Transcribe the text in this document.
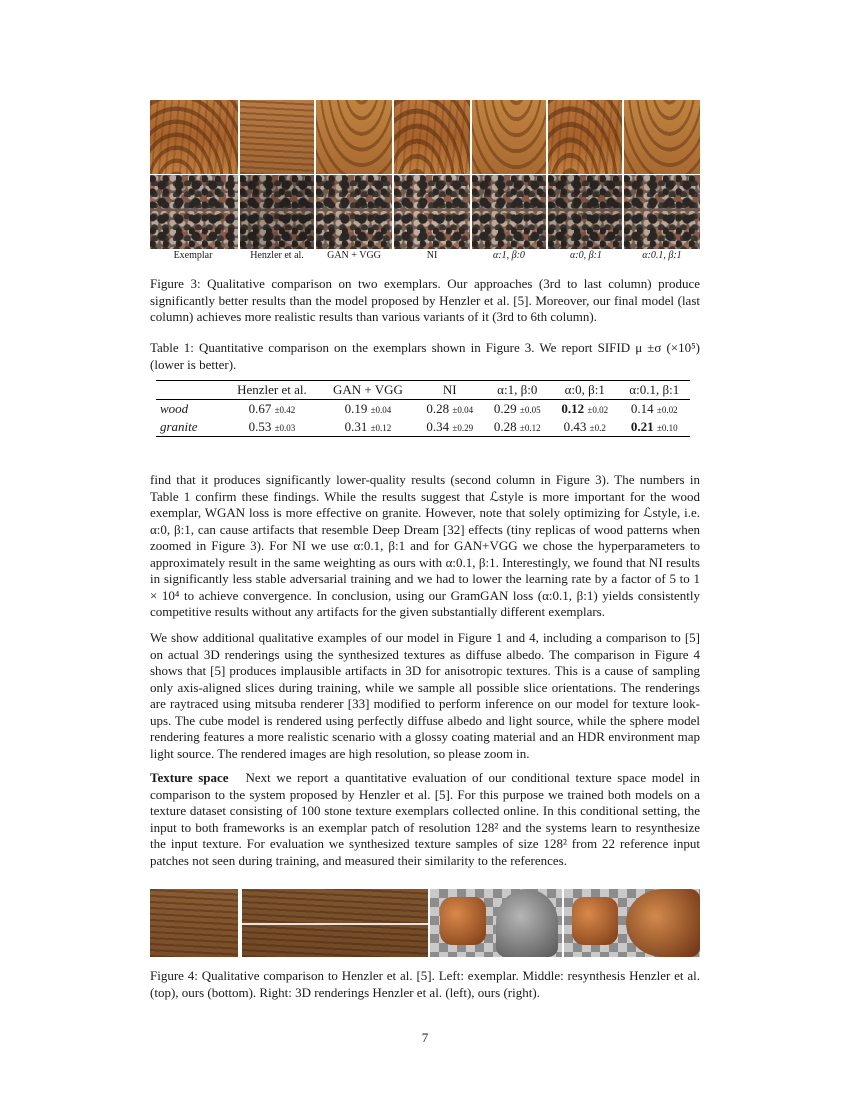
Exemplar	Henzler et al.	GAN + VGG	NI	α:1, β:0	α:0, β:1	α:0.1, β:1
Figure 3: Qualitative comparison on two exemplars. Our approaches (3rd to last column) produce significantly better results than the model proposed by Henzler et al. [5]. Moreover, our final model (last column) achieves more realistic results than various variants of it (3rd to 6th column).
Table 1: Quantitative comparison on the exemplars shown in Figure 3. We report SIFID μ ±σ (×10⁵) (lower is better).
	Henzler et al.	GAN + VGG	NI	α:1, β:0	α:0, β:1	α:0.1, β:1
wood	0.67 ±0.42	0.19 ±0.04	0.28 ±0.04	0.29 ±0.05	0.12 ±0.02	0.14 ±0.02
granite	0.53 ±0.03	0.31 ±0.12	0.34 ±0.29	0.28 ±0.12	0.43 ±0.2	0.21 ±0.10
find that it produces significantly lower-quality results (second column in Figure 3). The numbers in Table 1 confirm these findings. While the results suggest that ℒstyle is more important for the wood exemplar, WGAN loss is more effective on granite. However, note that solely optimizing for ℒstyle, i.e. α:0, β:1, can cause artifacts that resemble Deep Dream [32] effects (tiny replicas of wood patterns when zoomed in Figure 3). For NI we use α:0.1, β:1 and for GAN+VGG we chose the hyperparameters to approximately result in the same weighting as ours with α:0.1, β:1. Interestingly, we found that NI results in significantly less stable adversarial training and we had to lower the learning rate by a factor of 5 to 1 × 10⁴ to achieve convergence. In conclusion, using our GramGAN loss (α:0.1, β:1) yields consistently competitive results without any artifacts for the given substantially different exemplars.
We show additional qualitative examples of our model in Figure 1 and 4, including a comparison to [5] on actual 3D renderings using the synthesized textures as diffuse albedo. The comparison in Figure 4 shows that [5] produces implausible artifacts in 3D for anisotropic textures. This is a cause of sampling only axis-aligned slices during training, while we sample all possible slice orientations. The renderings are raytraced using mitsuba renderer [33] modified to perform inference on our model for texture look-ups. The cube model is rendered using perfectly diffuse albedo and light source, while the sphere model rendering features a more realistic scenario with a glossy coating material and an HDR environment map light source. The rendered images are high resolution, so please zoom in.
Texture space Next we report a quantitative evaluation of our conditional texture space model in comparison to the system proposed by Henzler et al. [5]. For this purpose we trained both models on a texture dataset consisting of 100 stone texture exemplars collected online. In this conditional setting, the input to both frameworks is an exemplar patch of resolution 128² and the systems learn to resynthesize the input texture. For evaluation we synthesized texture samples of size 128² from 22 reference input patches not seen during training, and measured their similarity to the references.
Figure 4: Qualitative comparison to Henzler et al. [5]. Left: exemplar. Middle: resynthesis Henzler et al. (top), ours (bottom). Right: 3D renderings Henzler et al. (left), ours (right).
7
